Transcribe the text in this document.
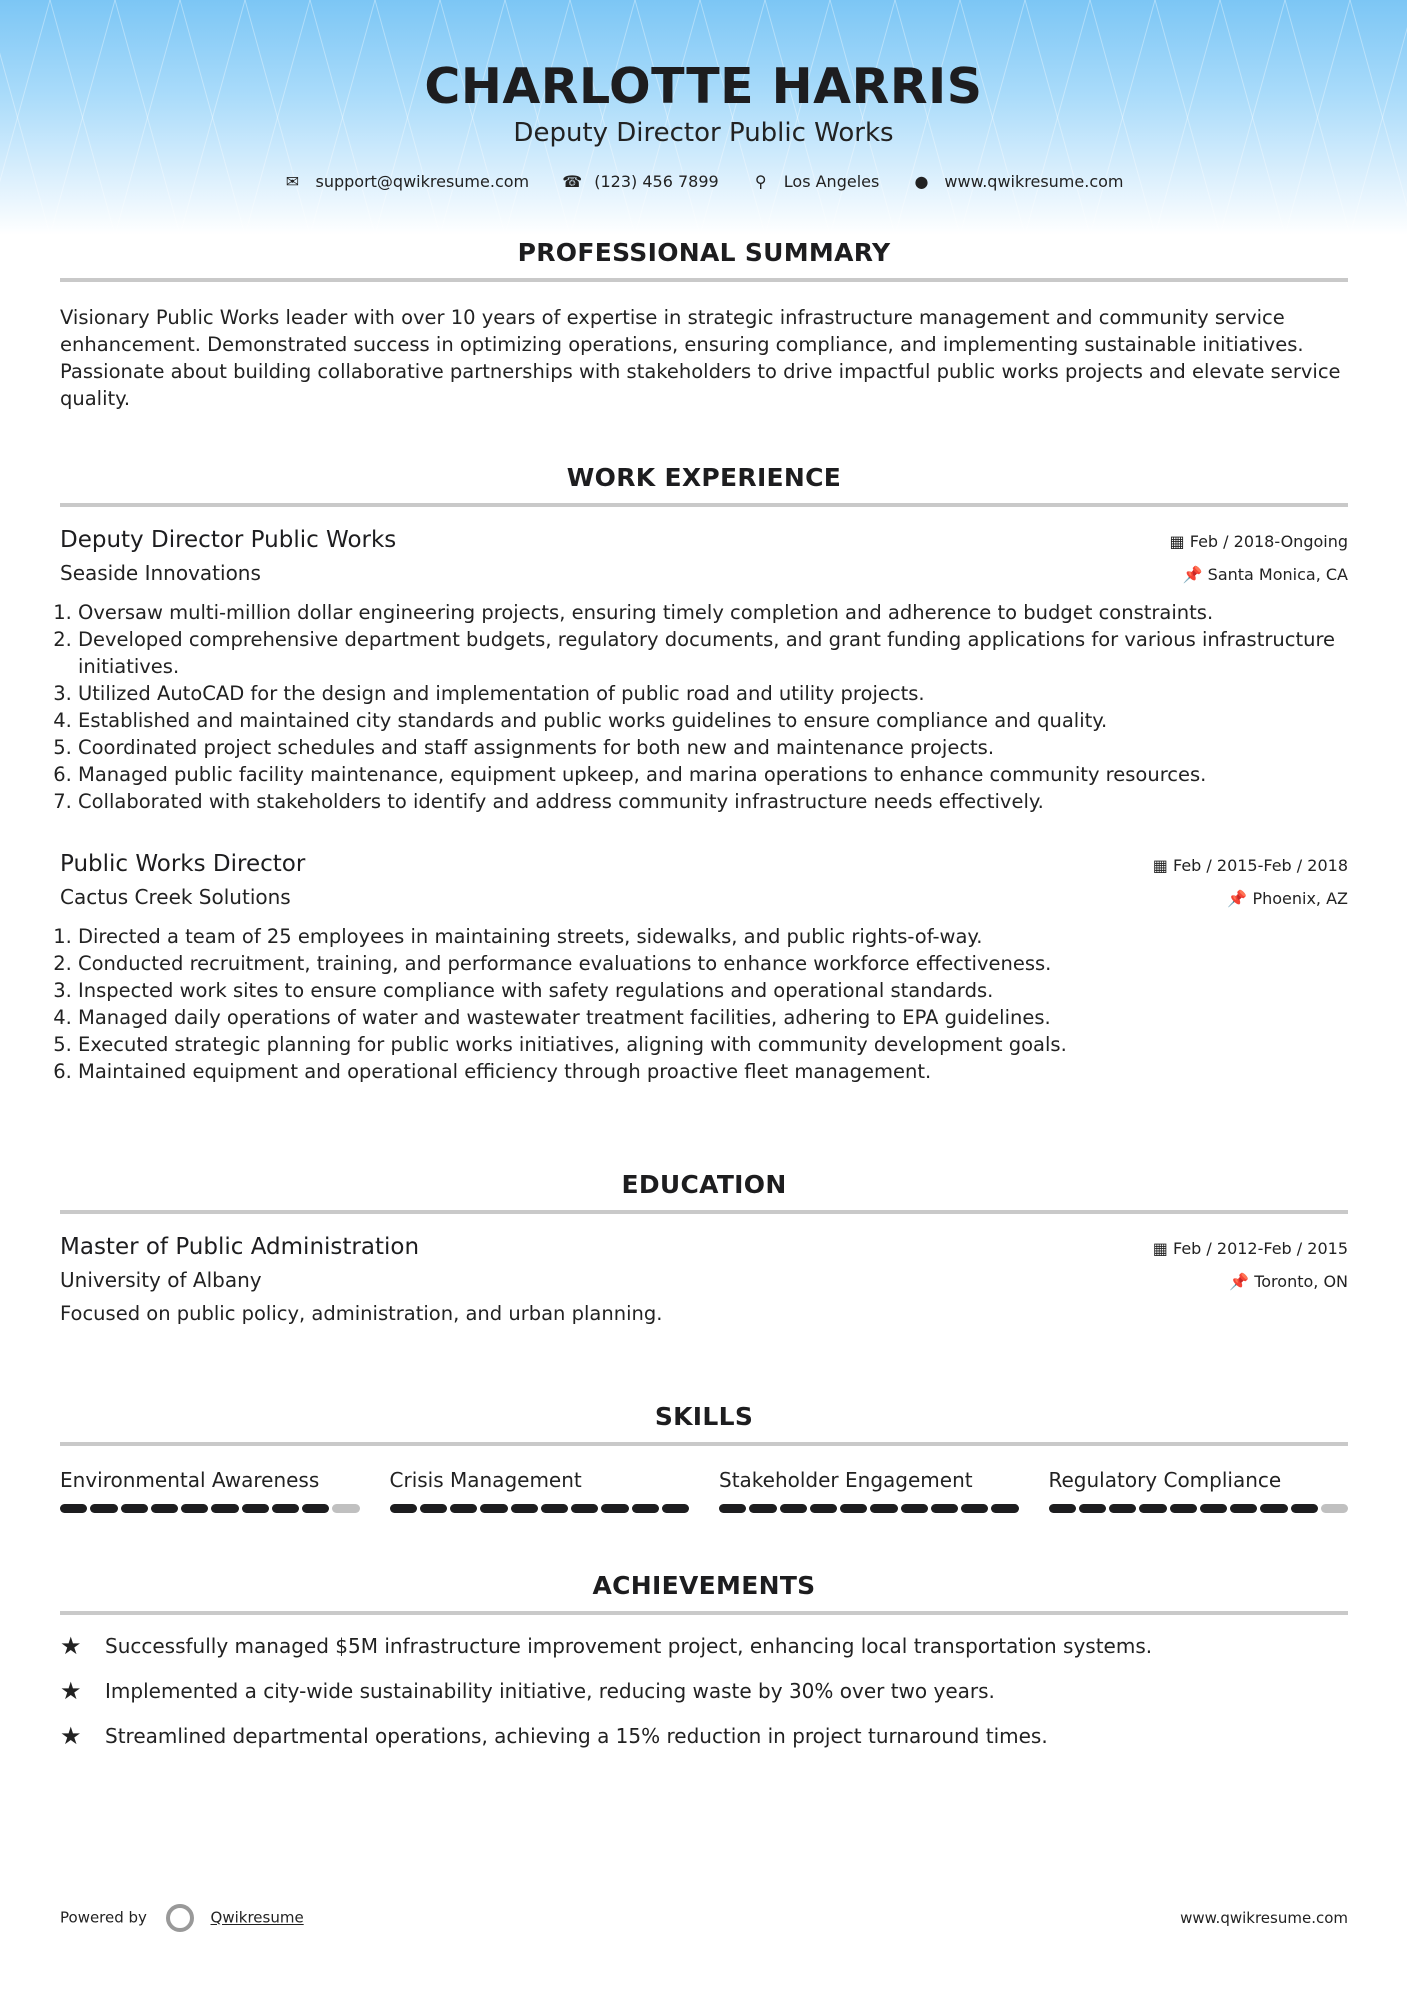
CHARLOTTE HARRIS
Deputy Director Public Works
✉ support@qwikresume.com ☎ (123) 456 7899 ⚲ Los Angeles ● www.qwikresume.com
PROFESSIONAL SUMMARY
Visionary Public Works leader with over 10 years of expertise in strategic infrastructure management and community service enhancement. Demonstrated success in optimizing operations, ensuring compliance, and implementing sustainable initiatives. Passionate about building collaborative partnerships with stakeholders to drive impactful public works projects and elevate service quality.
WORK EXPERIENCE
Deputy Director Public Works	▦ Feb / 2018-Ongoing
Seaside Innovations	📌 Santa Monica, CA
1. Oversaw multi-million dollar engineering projects, ensuring timely completion and adherence to budget constraints.
2. Developed comprehensive department budgets, regulatory documents, and grant funding applications for various infrastructure initiatives.
3. Utilized AutoCAD for the design and implementation of public road and utility projects.
4. Established and maintained city standards and public works guidelines to ensure compliance and quality.
5. Coordinated project schedules and staff assignments for both new and maintenance projects.
6. Managed public facility maintenance, equipment upkeep, and marina operations to enhance community resources.
7. Collaborated with stakeholders to identify and address community infrastructure needs effectively.
Public Works Director	▦ Feb / 2015-Feb / 2018
Cactus Creek Solutions	📌 Phoenix, AZ
1. Directed a team of 25 employees in maintaining streets, sidewalks, and public rights-of-way.
2. Conducted recruitment, training, and performance evaluations to enhance workforce effectiveness.
3. Inspected work sites to ensure compliance with safety regulations and operational standards.
4. Managed daily operations of water and wastewater treatment facilities, adhering to EPA guidelines.
5. Executed strategic planning for public works initiatives, aligning with community development goals.
6. Maintained equipment and operational efficiency through proactive fleet management.
EDUCATION
Master of Public Administration	▦ Feb / 2012-Feb / 2015
University of Albany	📌 Toronto, ON
Focused on public policy, administration, and urban planning.
SKILLS
Environmental Awareness	Crisis Management	Stakeholder Engagement	Regulatory Compliance
ACHIEVEMENTS
★	Successfully managed $5M infrastructure improvement project, enhancing local transportation systems.
★	Implemented a city-wide sustainability initiative, reducing waste by 30% over two years.
★	Streamlined departmental operations, achieving a 15% reduction in project turnaround times.
Powered by	Qwikresume	www.qwikresume.com
